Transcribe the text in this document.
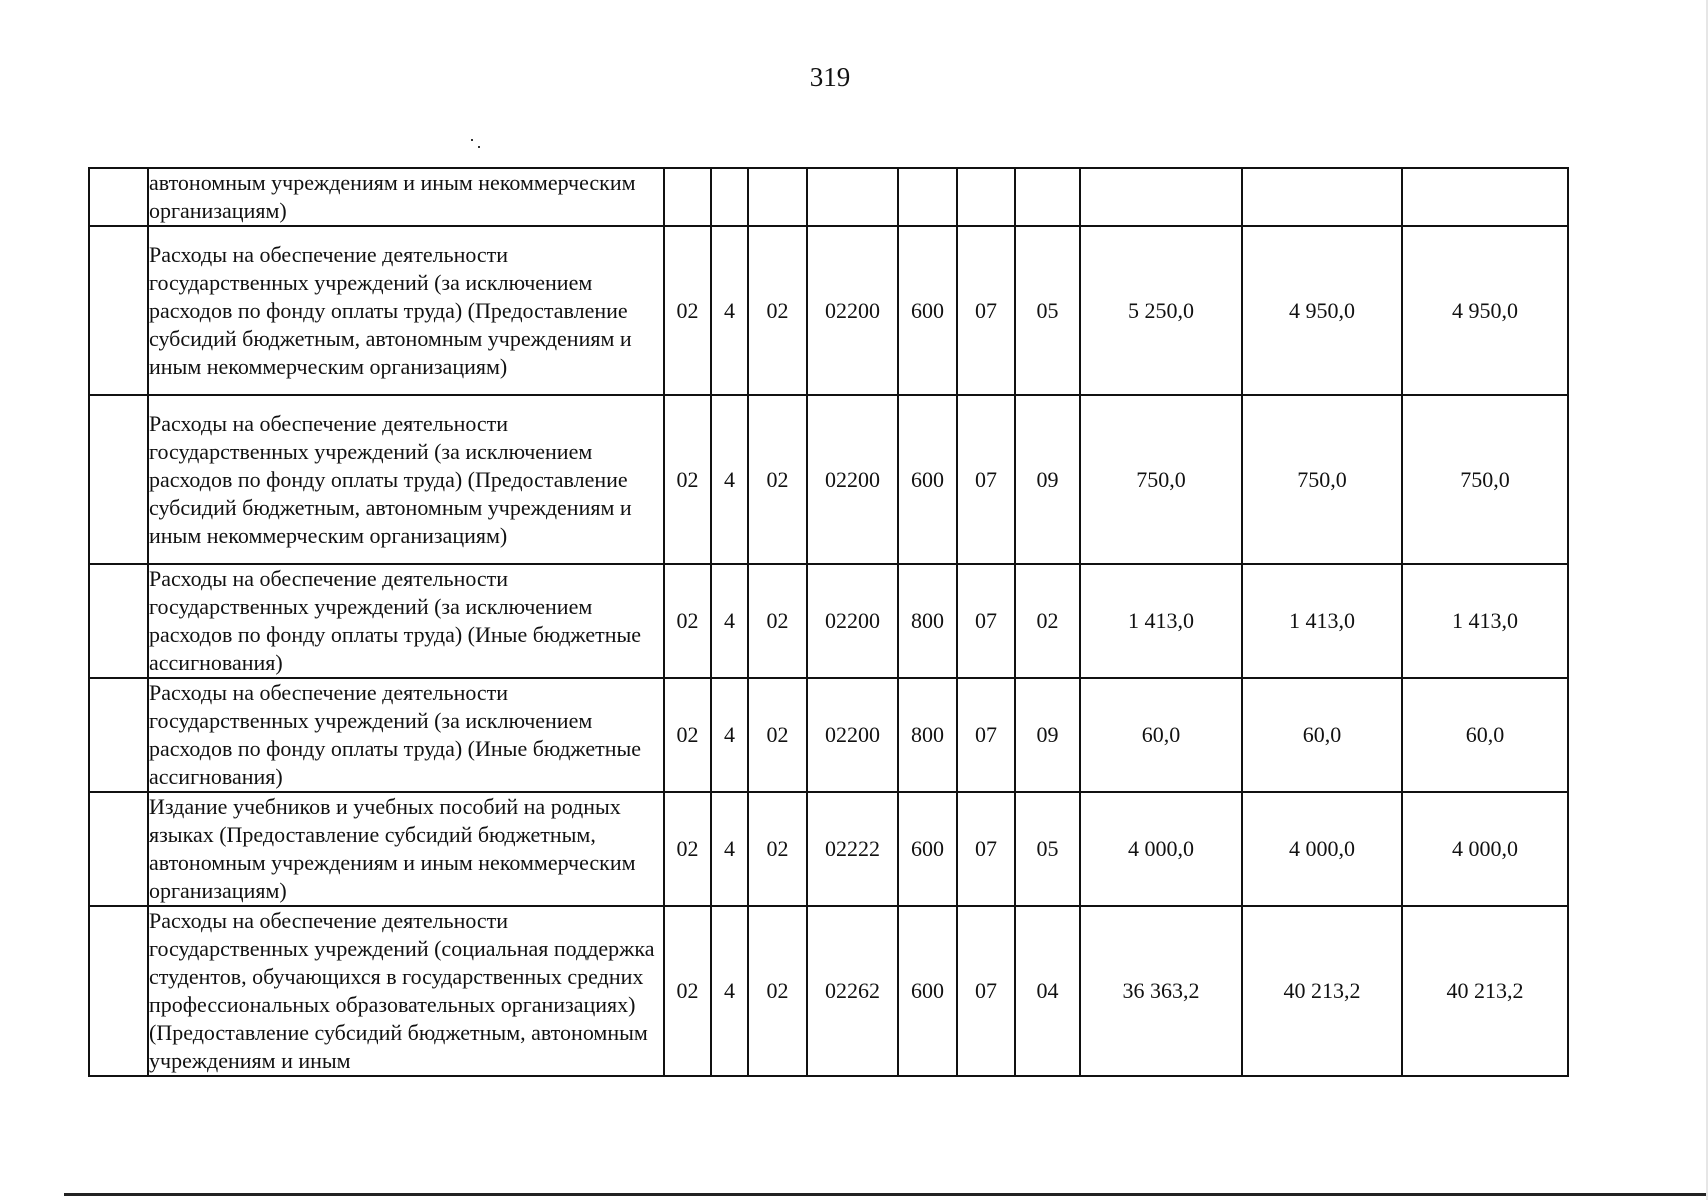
319
	автономным учреждениям и иным некоммерческим организациям)										
	Расходы на обеспечение деятельности государственных учреждений (за исключением расходов по фонду оплаты труда) (Предоставление субсидий бюджетным, автономным учреждениям и иным некоммерческим организациям)	02	4	02	02200	600	07	05	5 250,0	4 950,0	4 950,0
	Расходы на обеспечение деятельности государственных учреждений (за исключением расходов по фонду оплаты труда) (Предоставление субсидий бюджетным, автономным учреждениям и иным некоммерческим организациям)	02	4	02	02200	600	07	09	750,0	750,0	750,0
	Расходы на обеспечение деятельности государственных учреждений (за исключением расходов по фонду оплаты труда) (Иные бюджетные ассигнования)	02	4	02	02200	800	07	02	1 413,0	1 413,0	1 413,0
	Расходы на обеспечение деятельности государственных учреждений (за исключением расходов по фонду оплаты труда) (Иные бюджетные ассигнования)	02	4	02	02200	800	07	09	60,0	60,0	60,0
	Издание учебников и учебных пособий на родных языках (Предоставление субсидий бюджетным, автономным учреждениям и иным некоммерческим организациям)	02	4	02	02222	600	07	05	4 000,0	4 000,0	4 000,0
	Расходы на обеспечение деятельности государственных учреждений (социальная поддержка студентов, обучающихся в государственных средних профессиональных образовательных организациях) (Предоставление субсидий бюджетным, автономным учреждениям и иным	02	4	02	02262	600	07	04	36 363,2	40 213,2	40 213,2
